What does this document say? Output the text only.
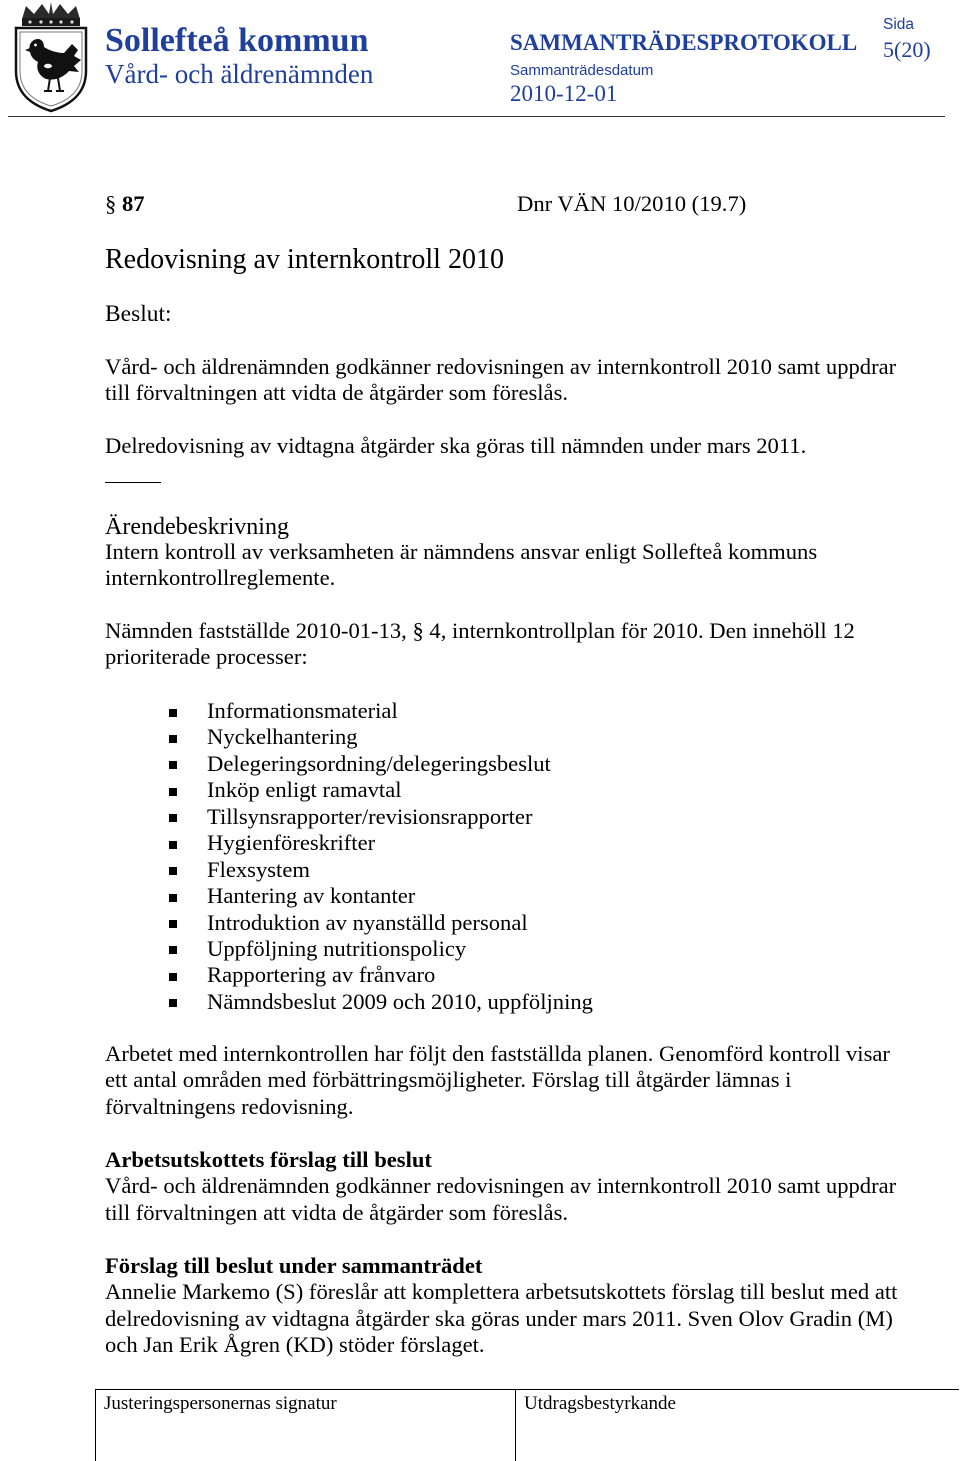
Sollefteå kommun
Vård- och äldrenämnden
SAMMANTRÄDESPROTOKOLL
Sammanträdesdatum
2010-12-01
Sida
5(20)
§ 87	Dnr VÄN 10/2010 (19.7)
Redovisning av internkontroll 2010
Beslut:
Vård- och äldrenämnden godkänner redovisningen av internkontroll 2010 samt uppdrar
till förvaltningen att vidta de åtgärder som föreslås.
Delredovisning av vidtagna åtgärder ska göras till nämnden under mars 2011.
Ärendebeskrivning
Intern kontroll av verksamheten är nämndens ansvar enligt Sollefteå kommuns
internkontrollreglemente.
Nämnden fastställde 2010-01-13, § 4, internkontrollplan för 2010. Den innehöll 12
prioriterade processer:
Informationsmaterial
Nyckelhantering
Delegeringsordning/delegeringsbeslut
Inköp enligt ramavtal
Tillsynsrapporter/revisionsrapporter
Hygienföreskrifter
Flexsystem
Hantering av kontanter
Introduktion av nyanställd personal
Uppföljning nutritionspolicy
Rapportering av frånvaro
Nämndsbeslut 2009 och 2010, uppföljning
Arbetet med internkontrollen har följt den fastställda planen. Genomförd kontroll visar
ett antal områden med förbättringsmöjligheter. Förslag till åtgärder lämnas i
förvaltningens redovisning.
Arbetsutskottets förslag till beslut
Vård- och äldrenämnden godkänner redovisningen av internkontroll 2010 samt uppdrar
till förvaltningen att vidta de åtgärder som föreslås.
Förslag till beslut under sammanträdet
Annelie Markemo (S) föreslår att komplettera arbetsutskottets förslag till beslut med att
delredovisning av vidtagna åtgärder ska göras under mars 2011. Sven Olov Gradin (M)
och Jan Erik Ågren (KD) stöder förslaget.
Justeringspersonernas signatur	Utdragsbestyrkande
